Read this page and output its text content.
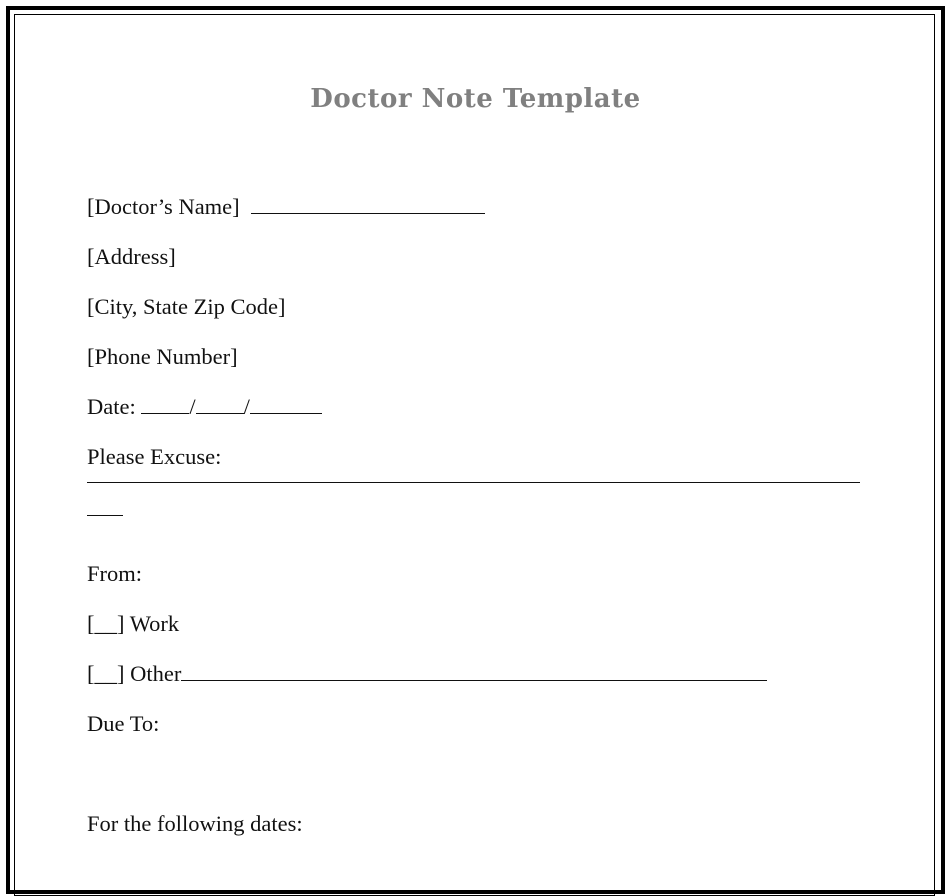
Doctor Note Template
[Doctor’s Name]
[Address]
[City, State Zip Code]
[Phone Number]
Date: / /
Please Excuse:
From:
[__] Work
[__] Other
Due To:
For the following dates:
